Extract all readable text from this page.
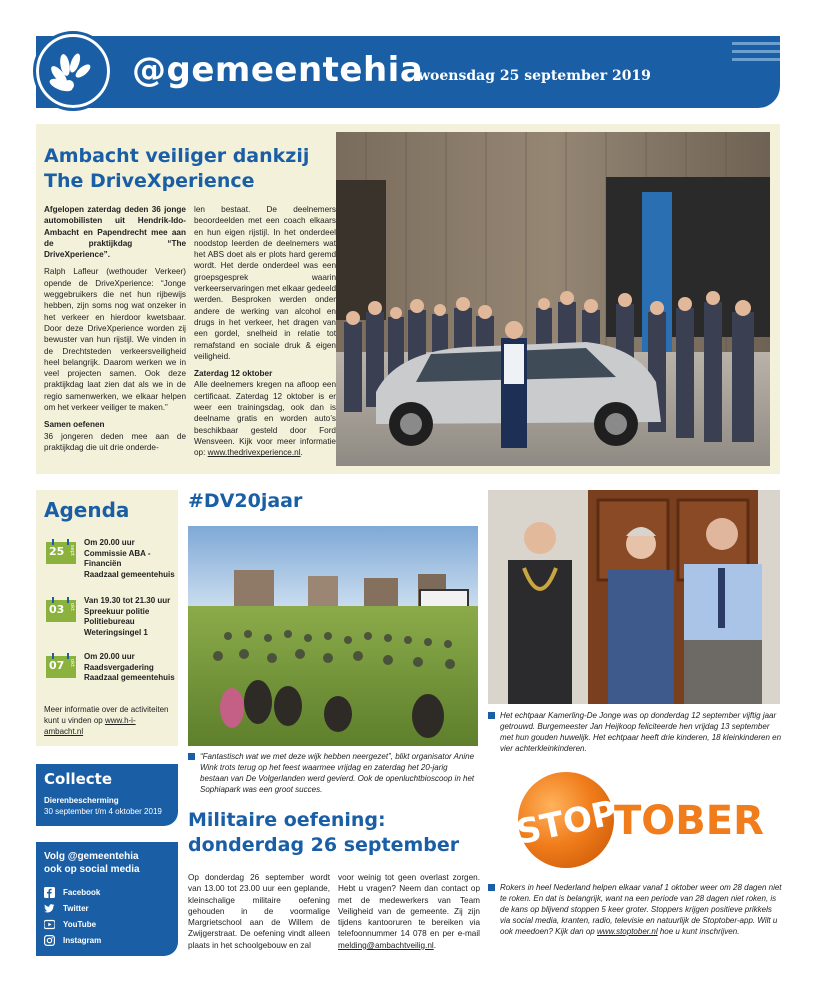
@gemeentehia
woensdag 25 september 2019
Ambacht veiliger dankzij
The DriveXperience

Afgelopen zaterdag deden 36 jonge automobilisten uit Hendrik-Ido-Ambacht en Papendrecht mee aan de praktijkdag “The DriveXperience”.

Ralph Lafleur (wethouder Verkeer) opende de DriveXperience: “Jonge weggebruikers die net hun rijbewijs hebben, zijn soms nog wat onzeker in het verkeer en hierdoor kwetsbaar. Door deze DriveXperience worden zij bewuster van hun rijstijl. We vinden in de Drechtsteden verkeersveiligheid heel belangrijk. Daarom werken we in veel projecten samen. Ook deze praktijkdag laat zien dat als we in de regio samenwerken, we elkaar helpen om het verkeer veiliger te maken.”

Samen oefenen

36 jongeren deden mee aan de praktijkdag die uit drie onderde-

len bestaat. De deelnemers beoordeelden met een coach elkaars en hun eigen rijstijl. In het onderdeel noodstop leerden de deelnemers wat het ABS doet als er plots hard geremd wordt. Het derde onderdeel was een groepsgesprek waarin verkeerservaringen met elkaar gedeeld werden. Besproken werden onder andere de werking van alcohol en drugs in het verkeer, het dragen van een gordel, snelheid in relatie tot remafstand en sociale druk & eigen veiligheid.

Zaterdag 12 oktober

Alle deelnemers kregen na afloop een certificaat. Zaterdag 12 oktober is er weer een trainingsdag, ook dan is deelname gratis en worden auto’s beschikbaar gesteld door Ford Wensveen. Kijk voor meer informatie op: www.thedrivexperience.nl.

Agenda
25 sept
Om 20.00 uur
Commissie ABA -
Financiën
Raadzaal gemeentehuis
03 okt
Van 19.30 tot 21.30 uur
Spreekuur politie
Politiebureau
Weteringsingel 1
07 okt
Om 20.00 uur
Raadsvergadering
Raadzaal gemeentehuis
Meer informatie over de activiteiten kunt u vinden op www.h-i-ambacht.nl
Collecte
Dierenbescherming
30 september t/m 4 oktober 2019
Volg @gemeentehia
ook op social media
Facebook
Twitter
YouTube
Instagram
#DV20jaar
“Fantastisch wat we met deze wijk hebben neergezet”, blikt organisator Anine Wink trots terug op het feest waarmee vrijdag en zaterdag het 20-jarig bestaan van De Volgerlanden werd gevierd. Ook de openluchtbioscoop in het Sophiapark was een groot succes.
Militaire oefening:
donderdag 26 september
Op donderdag 26 september wordt van 13.00 tot 23.00 uur een geplande, kleinschalige militaire oefening gehouden in de voormalige Margrietschool aan de Willem de Zwijgerstraat. De oefening vindt alleen plaats in het schoolgebouw en zal
voor weinig tot geen overlast zorgen. Hebt u vragen? Neem dan contact op met de medewerkers van Team Veiligheid van de gemeente. Zij zijn tijdens kantooruren te bereiken via telefoonnummer 14 078 en per e-mail melding@ambachtveilig.nl.
Het echtpaar Kamerling-De Jonge was op donderdag 12 september vijftig jaar getrouwd. Burgemeester Jan Heijkoop feliciteerde hen vrijdag 13 september met hun gouden huwelijk. Het echtpaar heeft drie kinderen, 18 kleinkinderen en vier achterkleinkinderen.
STOP
TOBER
Rokers in heel Nederland helpen elkaar vanaf 1 oktober weer om 28 dagen niet te roken. En dat is belangrijk, want na een periode van 28 dagen niet roken, is de kans op blijvend stoppen 5 keer groter. Stoppers krijgen positieve prikkels via social media, kranten, radio, televisie en natuurlijk de Stoptober-app. Wilt u ook meedoen? Kijk dan op www.stoptober.nl hoe u kunt inschrijven.
